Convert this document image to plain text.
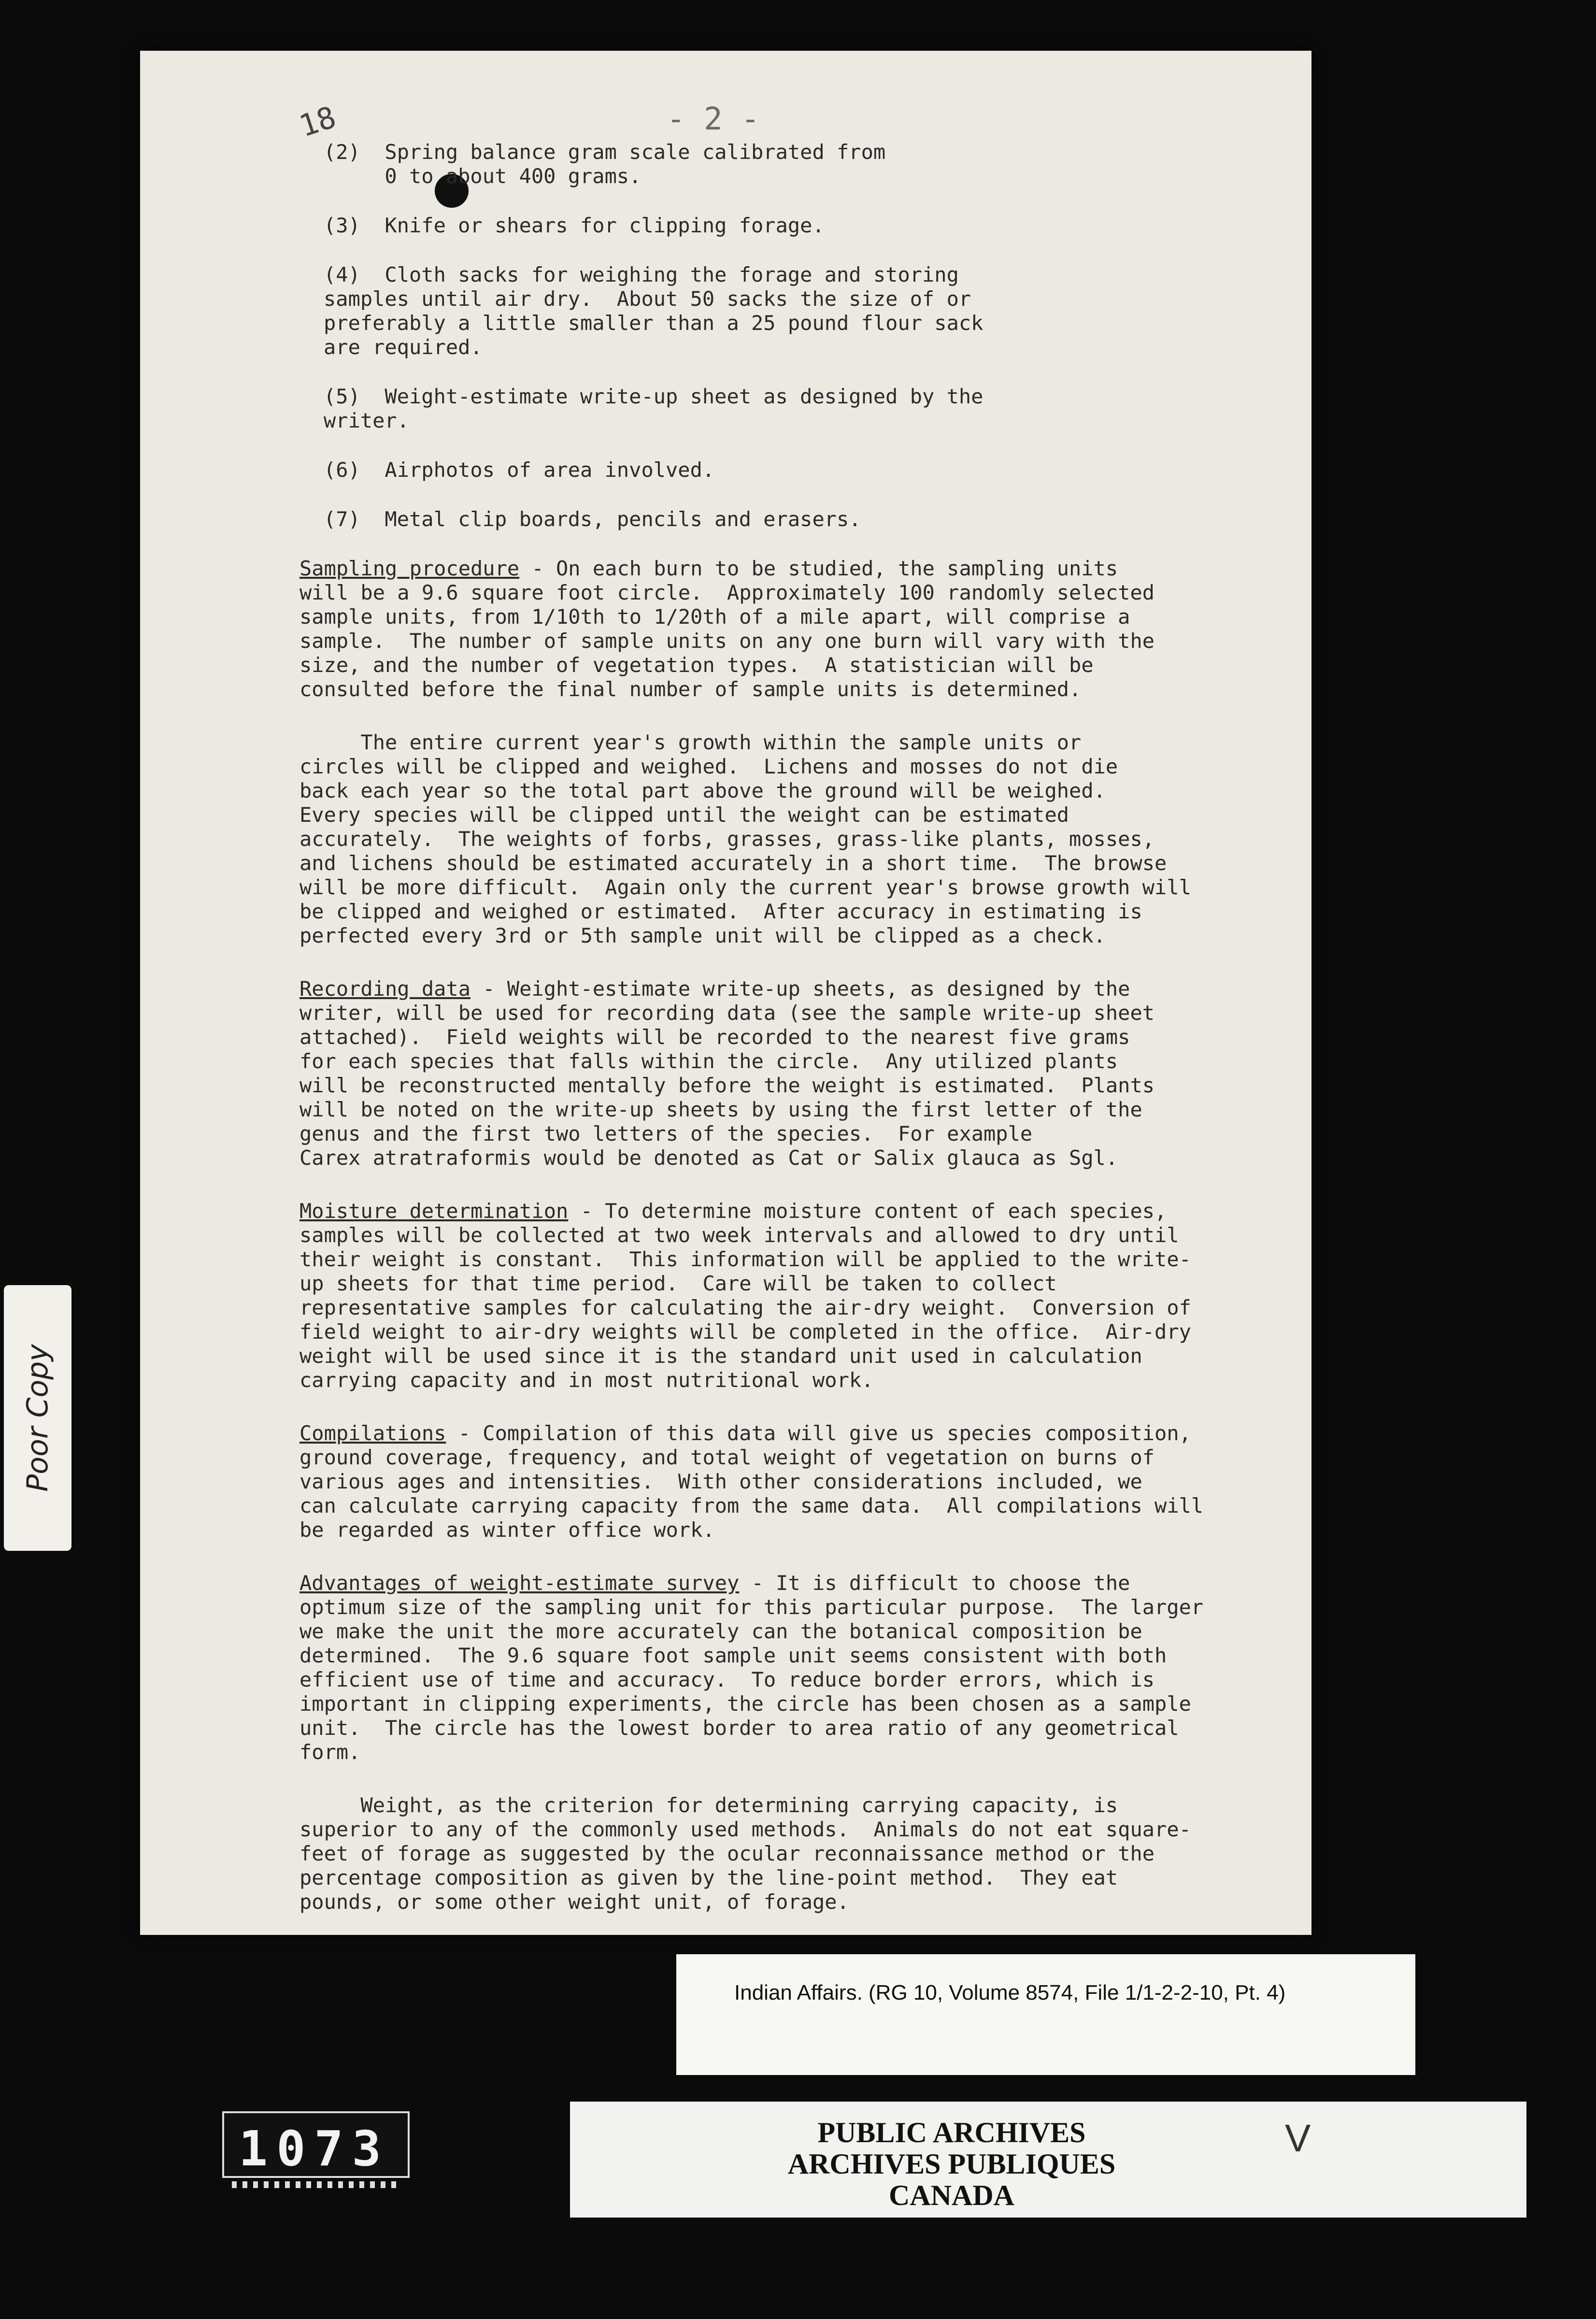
- 2 -
18
(2)  Spring balance gram scale calibrated from
0 to about 400 grams.
(3)  Knife or shears for clipping forage.
(4)  Cloth sacks for weighing the forage and storing
samples until air dry.  About 50 sacks the size of or
preferably a little smaller than a 25 pound flour sack
are required.
(5)  Weight-estimate write-up sheet as designed by the
writer.
(6)  Airphotos of area involved.
(7)  Metal clip boards, pencils and erasers.
Sampling procedure - On each burn to be studied, the sampling units
will be a 9.6 square foot circle.  Approximately 100 randomly selected
sample units, from 1/10th to 1/20th of a mile apart, will comprise a
sample.  The number of sample units on any one burn will vary with the
size, and the number of vegetation types.  A statistician will be
consulted before the final number of sample units is determined.
The entire current year's growth within the sample units or
circles will be clipped and weighed.  Lichens and mosses do not die
back each year so the total part above the ground will be weighed.
Every species will be clipped until the weight can be estimated
accurately.  The weights of forbs, grasses, grass-like plants, mosses,
and lichens should be estimated accurately in a short time.  The browse
will be more difficult.  Again only the current year's browse growth will
be clipped and weighed or estimated.  After accuracy in estimating is
perfected every 3rd or 5th sample unit will be clipped as a check.
Recording data - Weight-estimate write-up sheets, as designed by the
writer, will be used for recording data (see the sample write-up sheet
attached).  Field weights will be recorded to the nearest five grams
for each species that falls within the circle.  Any utilized plants
will be reconstructed mentally before the weight is estimated.  Plants
will be noted on the write-up sheets by using the first letter of the
genus and the first two letters of the species.  For example
Carex atratraformis would be denoted as Cat or Salix glauca as Sgl.
Moisture determination - To determine moisture content of each species,
samples will be collected at two week intervals and allowed to dry until
their weight is constant.  This information will be applied to the write-
up sheets for that time period.  Care will be taken to collect
representative samples for calculating the air-dry weight.  Conversion of
field weight to air-dry weights will be completed in the office.  Air-dry
weight will be used since it is the standard unit used in calculation
carrying capacity and in most nutritional work.
Compilations - Compilation of this data will give us species composition,
ground coverage, frequency, and total weight of vegetation on burns of
various ages and intensities.  With other considerations included, we
can calculate carrying capacity from the same data.  All compilations will
be regarded as winter office work.
Advantages of weight-estimate survey - It is difficult to choose the
optimum size of the sampling unit for this particular purpose.  The larger
we make the unit the more accurately can the botanical composition be
determined.  The 9.6 square foot sample unit seems consistent with both
efficient use of time and accuracy.  To reduce border errors, which is
important in clipping experiments, the circle has been chosen as a sample
unit.  The circle has the lowest border to area ratio of any geometrical
form.
Weight, as the criterion for determining carrying capacity, is
superior to any of the commonly used methods.  Animals do not eat square-
feet of forage as suggested by the ocular reconnaissance method or the
percentage composition as given by the line-point method.  They eat
pounds, or some other weight unit, of forage.
Poor Copy
Indian Affairs. (RG 10, Volume 8574, File 1/1-2-2-10, Pt. 4)
PUBLIC ARCHIVES
ARCHIVES PUBLIQUES
CANADA
V
1073
